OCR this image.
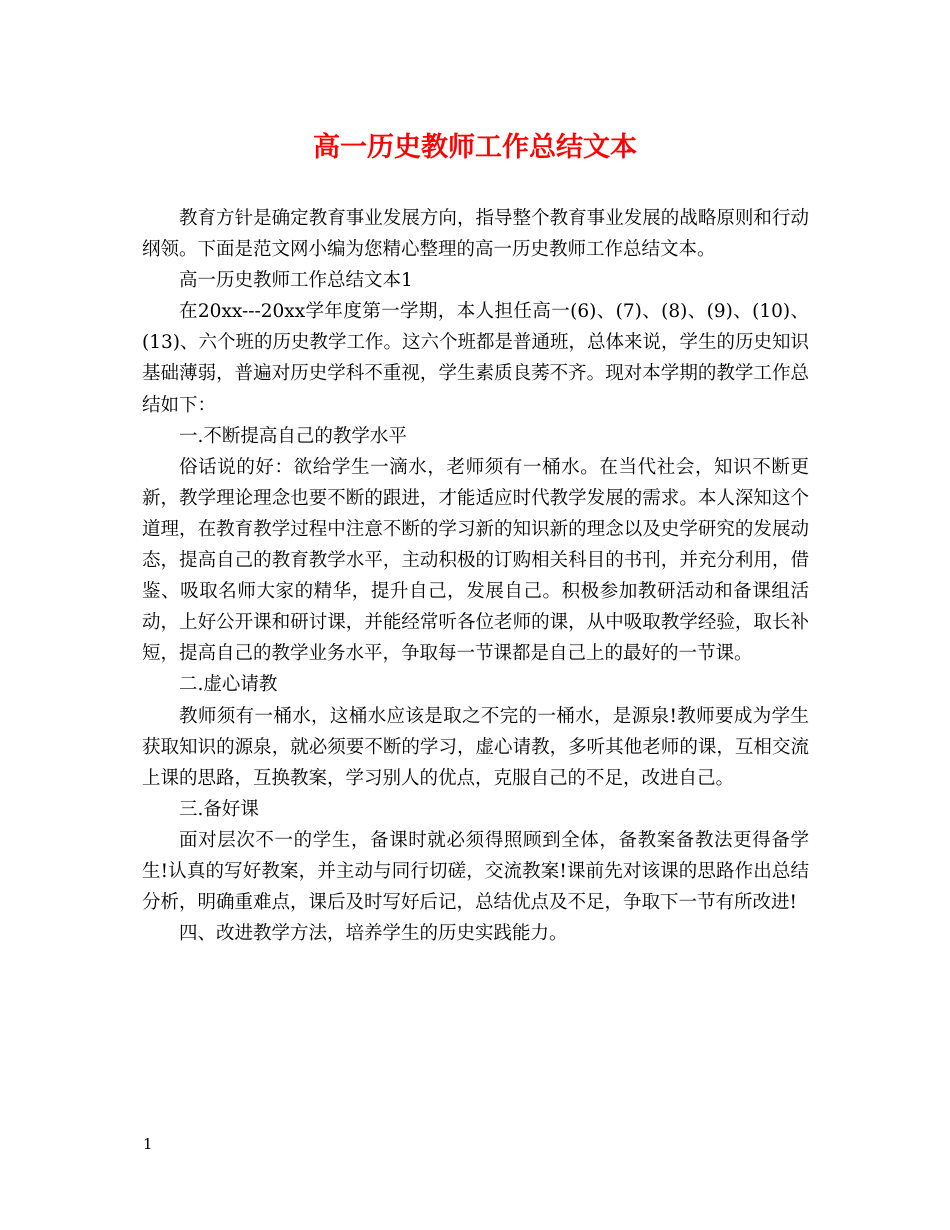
高一历史教师工作总结文本

教育方针是确定教育事业发展方向，指导整个教育事业发展的战略原则和行动纲领。下面是范文网小编为您精心整理的高一历史教师工作总结文本。

高一历史教师工作总结文本1

在20xx---20xx学年度第一学期，本人担任高一(6)、(7)、(8)、(9)、(10)、(13)、六个班的历史教学工作。这六个班都是普通班，总体来说，学生的历史知识基础薄弱，普遍对历史学科不重视，学生素质良莠不齐。现对本学期的教学工作总结如下：

一.不断提高自己的教学水平

俗话说的好：欲给学生一滴水，老师须有一桶水。在当代社会，知识不断更新，教学理论理念也要不断的跟进，才能适应时代教学发展的需求。本人深知这个道理，在教育教学过程中注意不断的学习新的知识新的理念以及史学研究的发展动态，提高自己的教育教学水平，主动积极的订购相关科目的书刊，并充分利用，借鉴、吸取名师大家的精华，提升自己，发展自己。积极参加教研活动和备课组活动，上好公开课和研讨课，并能经常听各位老师的课，从中吸取教学经验，取长补短，提高自己的教学业务水平，争取每一节课都是自己上的最好的一节课。

二.虚心请教

教师须有一桶水，这桶水应该是取之不完的一桶水，是源泉!教师要成为学生获取知识的源泉，就必须要不断的学习，虚心请教，多听其他老师的课，互相交流上课的思路，互换教案，学习别人的优点，克服自己的不足，改进自己。

三.备好课

面对层次不一的学生，备课时就必须得照顾到全体，备教案备教法更得备学生!认真的写好教案，并主动与同行切磋，交流教案!课前先对该课的思路作出总结分析，明确重难点，课后及时写好后记，总结优点及不足，争取下一节有所改进!

四、改进教学方法，培养学生的历史实践能力。

1
